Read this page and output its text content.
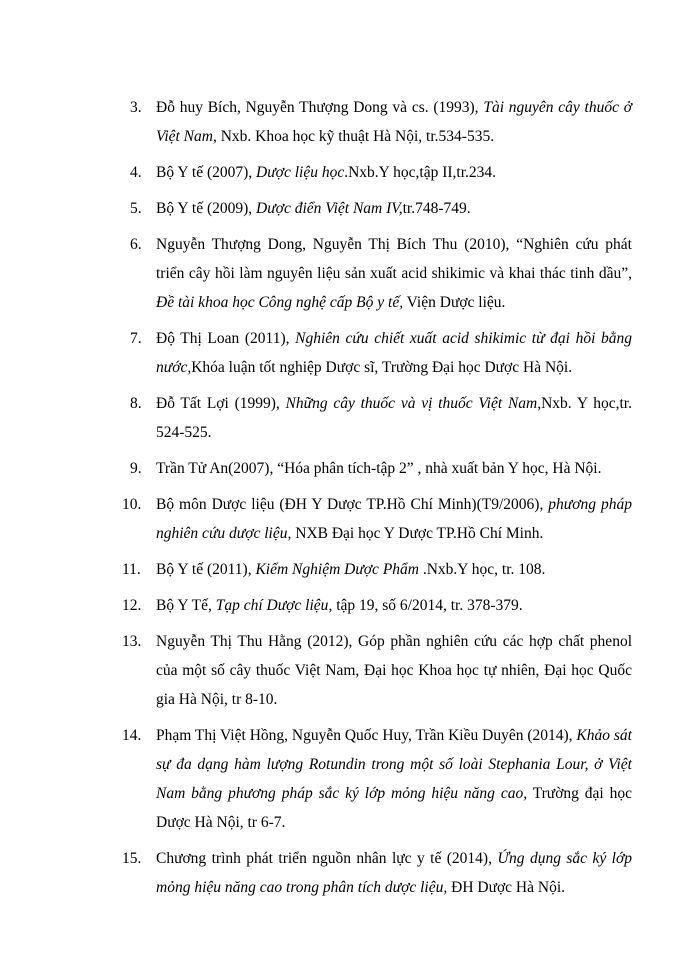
3. Đỗ huy Bích, Nguyễn Thượng Dong và cs. (1993), Tài nguyên cây thuốc ở Việt Nam, Nxb. Khoa học kỹ thuật Hà Nội, tr.534-535.
4. Bộ Y tế (2007), Dược liệu học.Nxb.Y học,tập II,tr.234.
5. Bộ Y tế (2009), Dược điển Việt Nam IV,tr.748-749.
6. Nguyễn Thượng Dong, Nguyễn Thị Bích Thu (2010), “Nghiên cứu phát triển cây hồi làm nguyên liệu sản xuất acid shikimic và khai thác tinh dầu”, Đề tài khoa học Công nghệ cấp Bộ y tế, Viện Dược liệu.
7. Độ Thị Loan (2011), Nghiên cứu chiết xuất acid shikimic từ đại hồi bằng nước,Khóa luận tốt nghiệp Dược sĩ, Trường Đại học Dược Hà Nội.
8. Đỗ Tất Lợi (1999), Những cây thuốc và vị thuốc Việt Nam,Nxb. Y học,tr. 524-525.
9. Trần Tử An(2007), “Hóa phân tích-tập 2” , nhà xuất bản Y học, Hà Nội.
10. Bộ môn Dược liệu (ĐH Y Dược TP.Hồ Chí Minh)(T9/2006), phương pháp nghiên cứu dược liệu, NXB Đại học Y Dược TP.Hồ Chí Minh.
11. Bộ Y tế (2011), Kiểm Nghiệm Dược Phẩm .Nxb.Y học, tr. 108.
12. Bộ Y Tế, Tạp chí Dược liệu, tập 19, số 6/2014, tr. 378-379.
13. Nguyễn Thị Thu Hằng (2012), Góp phần nghiên cứu các hợp chất phenol của một số cây thuốc Việt Nam, Đại học Khoa học tự nhiên, Đại học Quốc gia Hà Nội, tr 8-10.
14. Phạm Thị Việt Hồng, Nguyễn Quốc Huy, Trần Kiều Duyên (2014), Khảo sát sự đa dạng hàm lượng Rotundin trong một số loài Stephania Lour, ở Việt Nam bằng phương pháp sắc ký lớp mỏng hiệu năng cao, Trường đại học Dược Hà Nội, tr 6-7.
15. Chương trình phát triển nguồn nhân lực y tế (2014), Ứng dụng sắc ký lớp mỏng hiệu năng cao trong phân tích dược liệu, ĐH Dược Hà Nội.
